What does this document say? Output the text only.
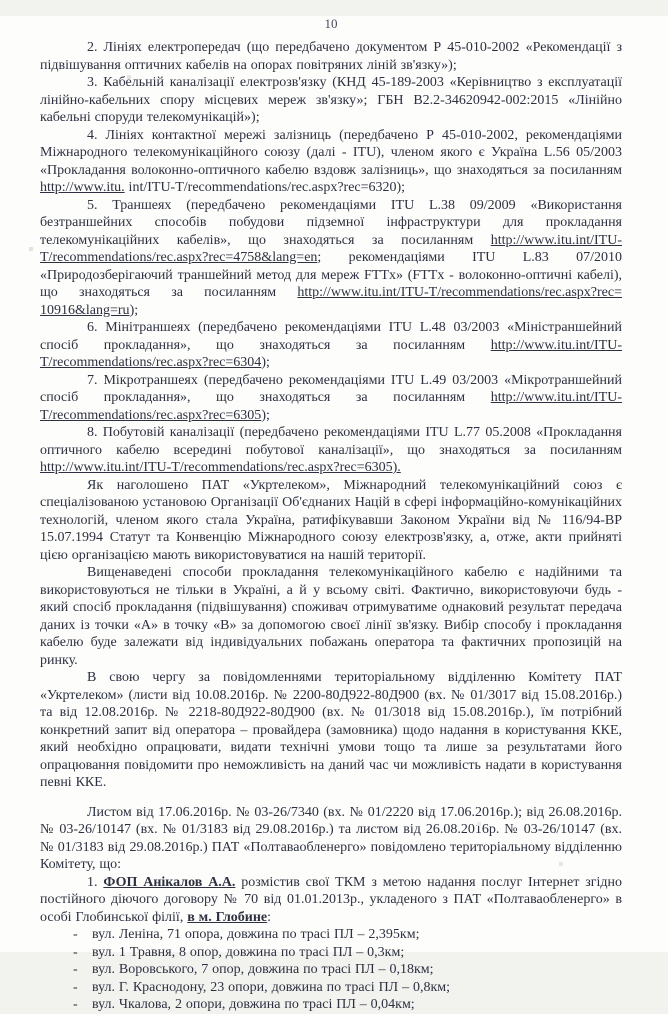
10

2. Лініях електропередач (що передбачено документом Р 45-010-2002 «Рекомендації з підвішування оптичних кабелів на опорах повітряних ліній зв'язку»);

3. Кабельній каналізації електрозв'язку (КНД 45-189-2003 «Керівництво з експлуатації лінійно-кабельних спору місцевих мереж зв'язку»; ГБН В2.2-34620942-002:2015 «Лінійно кабельні споруди телекомунікацій»);

4. Лініях контактної мережі залізниць (передбачено Р 45-010-2002, рекомендаціями Міжнародного телекомунікаційного союзу (далі - ITU), членом якого є Україна L.56 05/2003 «Прокладання волоконно-оптичного кабелю вздовж залізниць», що знаходяться за посиланням http://www.itu. int/ITU-T/recommendations/rec.aspx?rec=6320);

5. Траншеях (передбачено рекомендаціями ITU L.38 09/2009 «Використання безтраншейних способів побудови підземної інфраструктури для прокладання телекомунікаційних кабелів», що знаходяться за посиланням http://www.itu.int/ITU-T/recommendations/rec.aspx?rec=4758&lang=en; рекомендаціями ITU L.83 07/2010 «Природозберігаючий траншейний метод для мереж FTTx» (FTTx - волоконно-оптичні кабелі), що знаходяться за посиланням http://www.itu.int/ITU-T/recommendations/rec.aspx?rec= 10916&lang=ru);

6. Мінітраншеях (передбачено рекомендаціями ITU L.48 03/2003 «Міністраншейний спосіб прокладання», що знаходяться за посиланням http://www.itu.int/ITU-T/recommendations/rec.aspx?rec=6304);

7. Мікротраншеях (передбачено рекомендаціями ITU L.49 03/2003 «Мікротраншейний спосіб прокладання», що знаходяться за посиланням http://www.itu.int/ITU-T/recommendations/rec.aspx?rec=6305);

8. Побутовій каналізації (передбачено рекомендаціями ITU L.77 05.2008 «Прокладання оптичного кабелю всередині побутової каналізації», що знаходяться за посиланням http://www.itu.int/ITU-T/recommendations/rec.aspx?rec=6305).

Як наголошено ПАТ «Укртелеком», Міжнародний телекомунікаційний союз є спеціалізованою установою Організації Об'єднаних Націй в сфері інформаційно-комунікаційних технологій, членом якого стала Україна, ратифікувавши Законом України від № 116/94-ВР 15.07.1994 Статут та Конвенцію Міжнародного союзу електрозв'язку, а, отже, акти прийняті цією організацією мають використовуватися на нашій території.

Вищенаведені способи прокладання телекомунікаційного кабелю є надійними та використовуються не тільки в Україні, а й у всьому світі. Фактично, використовуючи будь - який спосіб прокладання (підвішування) споживач отримуватиме однаковий результат передача даних із точки «А» в точку «В» за допомогою своєї лінії зв'язку. Вибір способу і прокладання кабелю буде залежати від індивідуальних побажань оператора та фактичних пропозицій на ринку.

В свою чергу за повідомленнями територіальному відділенню Комітету ПАТ «Укртелеком» (листи від 10.08.2016р. № 2200-80Д922-80Д900 (вх. № 01/3017 від 15.08.2016р.) та від 12.08.2016р. № 2218-80Д922-80Д900 (вх. № 01/3018 від 15.08.2016р.), їм потрібний конкретний запит від оператора – провайдера (замовника) щодо надання в користування ККЕ, який необхідно опрацювати, видати технічні умови тощо та лише за результатами його опрацювання повідомити про неможливість на даний час чи можливість надати в користування певні ККЕ.

Листом від 17.06.2016р. № 03-26/7340 (вх. № 01/2220 від 17.06.2016р.); від 26.08.2016р. № 03-26/10147 (вх. № 01/3183 від 29.08.2016р.) та листом від 26.08.2016р. № 03-26/10147 (вх. № 01/3183 від 29.08.2016р.) ПАТ «Полтаваобленерго» повідомлено територіальному відділенню Комітету, що:

1. ФОП Анікалов А.А. розмістив свої ТКМ з метою надання послуг Інтернет згідно постійного діючого договору № 70 від 01.01.2013р., укладеного з ПАТ «Полтаваобленерго» в особі Глобинської філії, в м. Глобине:

-	вул. Леніна, 71 опора, довжина по трасі ПЛ – 2,395км;
-	вул. 1 Травня, 8 опор, довжина по трасі ПЛ – 0,3км;
-	вул. Воровського, 7 опор, довжина по трасі ПЛ – 0,18км;
-	вул. Г. Краснодону, 23 опори, довжина по трасі ПЛ – 0,8км;
-	вул. Чкалова, 2 опори, довжина по трасі ПЛ – 0,04км;
